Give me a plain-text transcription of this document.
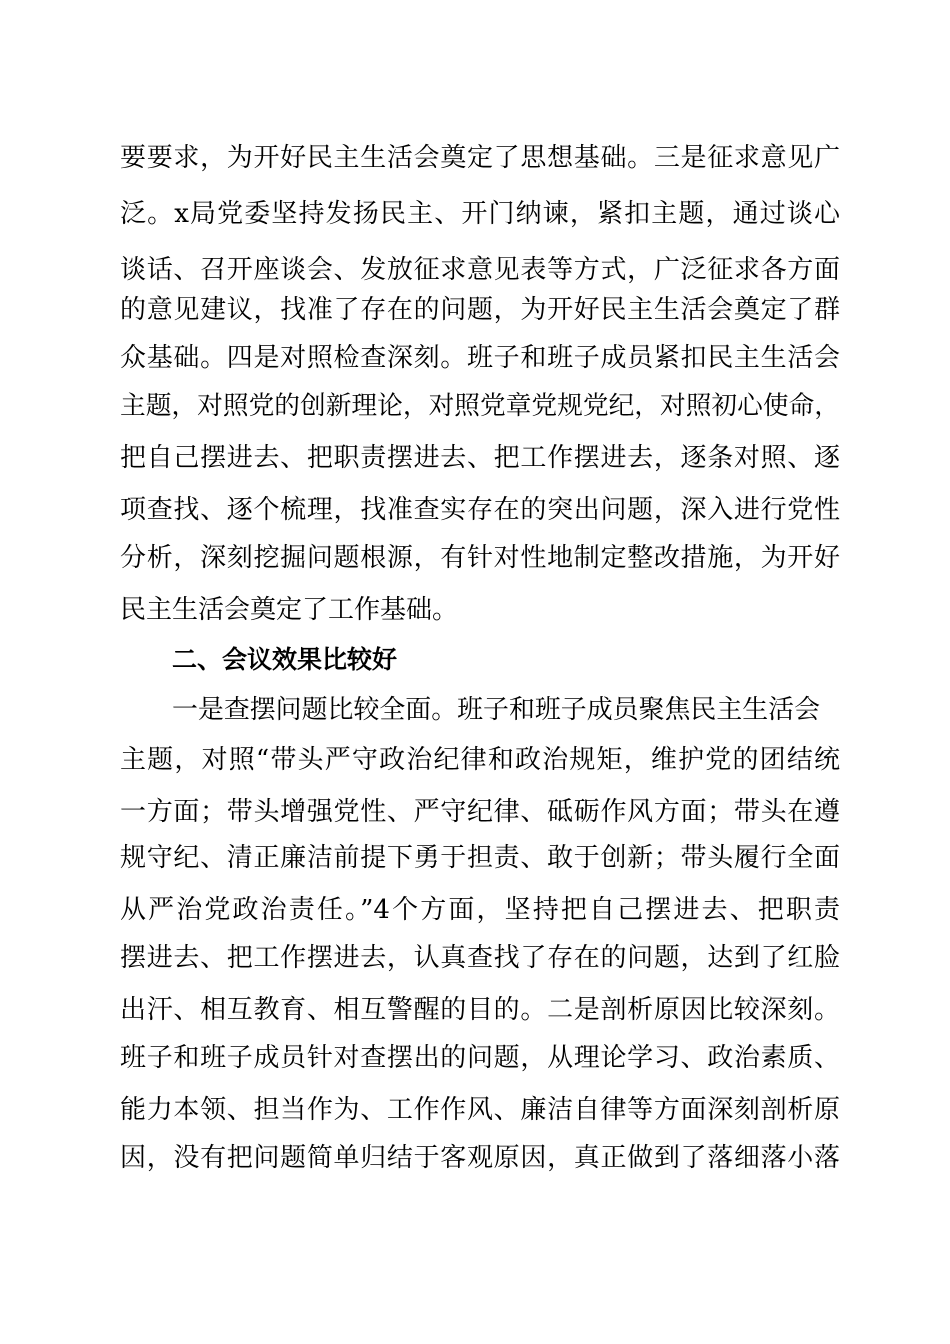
要要求，为开好民主生活会奠定了思想基础。三是征求意见广
泛。x局党委坚持发扬民主、开门纳谏，紧扣主题，通过谈心
谈话、召开座谈会、发放征求意见表等方式，广泛征求各方面
的意见建议，找准了存在的问题，为开好民主生活会奠定了群
众基础。四是对照检查深刻。班子和班子成员紧扣民主生活会
主题，对照党的创新理论，对照党章党规党纪，对照初心使命，
把自己摆进去、把职责摆进去、把工作摆进去，逐条对照、逐
项查找、逐个梳理，找准查实存在的突出问题，深入进行党性
分析，深刻挖掘问题根源，有针对性地制定整改措施，为开好
民主生活会奠定了工作基础。
二、会议效果比较好
一是查摆问题比较全面。班子和班子成员聚焦民主生活会
主题，对照“带头严守政治纪律和政治规矩，维护党的团结统
一方面；带头增强党性、严守纪律、砥砺作风方面；带头在遵
规守纪、清正廉洁前提下勇于担责、敢于创新；带头履行全面
从严治党政治责任。”4个方面，坚持把自己摆进去、把职责
摆进去、把工作摆进去，认真查找了存在的问题，达到了红脸
出汗、相互教育、相互警醒的目的。二是剖析原因比较深刻。
班子和班子成员针对查摆出的问题，从理论学习、政治素质、
能力本领、担当作为、工作作风、廉洁自律等方面深刻剖析原
因，没有把问题简单归结于客观原因，真正做到了落细落小落
